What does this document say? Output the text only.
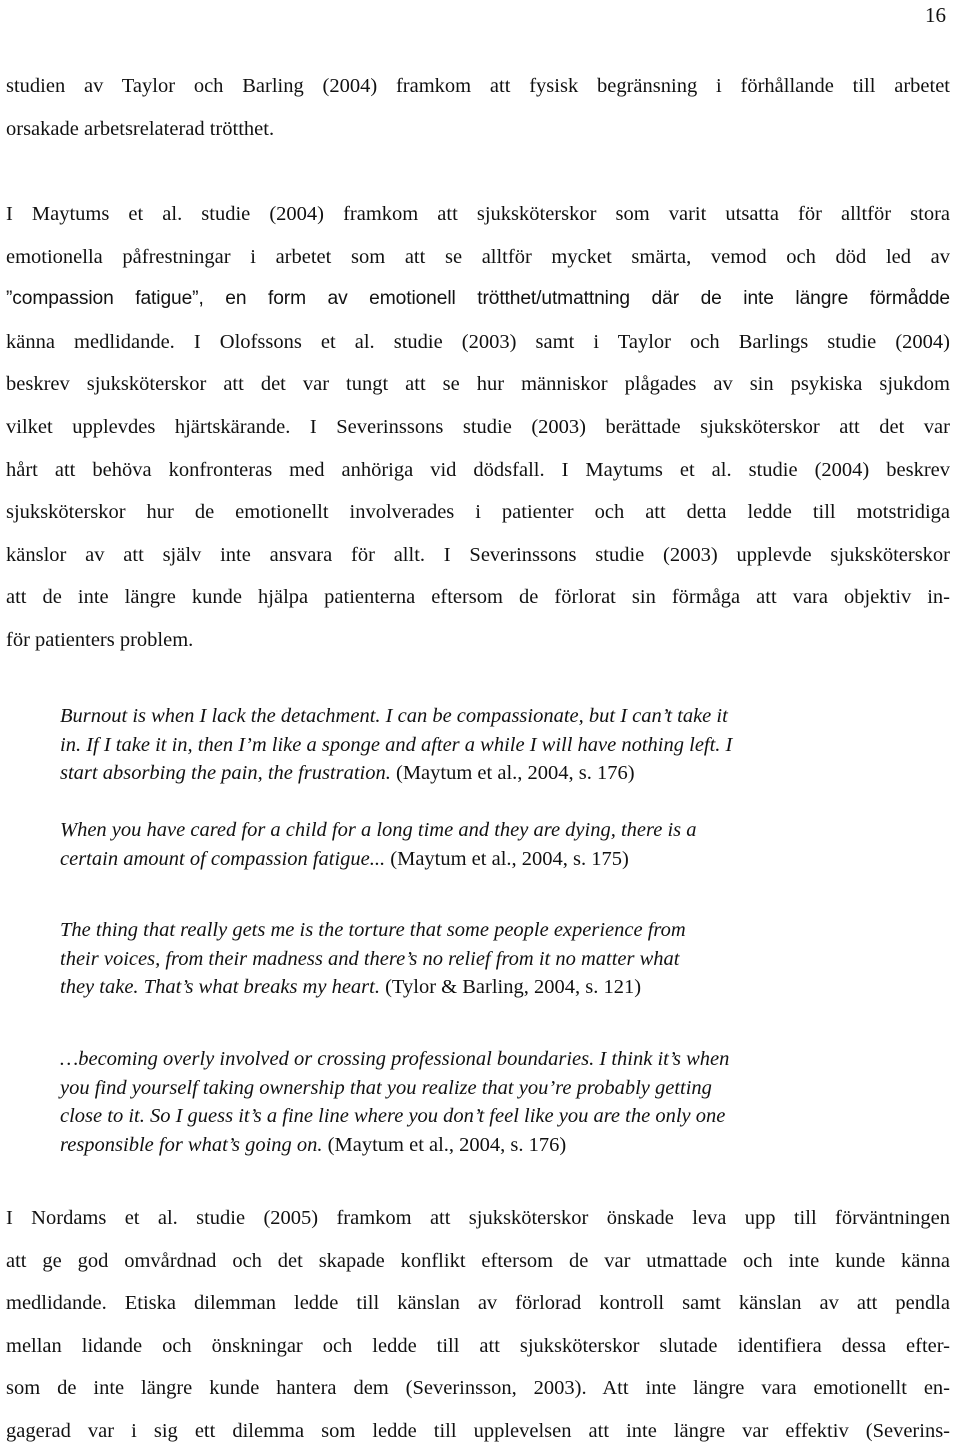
16
studien av Taylor och Barling (2004) framkom att fysisk begränsning i förhållande till arbetet
orsakade arbetsrelaterad trötthet.
I Maytums et al. studie (2004) framkom att sjuksköterskor som varit utsatta för alltför stora
emotionella påfrestningar i arbetet som att se alltför mycket smärta, vemod och död led av
”compassion fatigue”, en form av emotionell trötthet/utmattning där de inte längre förmådde
känna medlidande. I Olofssons et al. studie (2003) samt i Taylor och Barlings studie (2004)
beskrev sjuksköterskor att det var tungt att se hur människor plågades av sin psykiska sjukdom
vilket upplevdes hjärtskärande. I Severinssons studie (2003) berättade sjuksköterskor att det var
hårt att behöva konfronteras med anhöriga vid dödsfall. I Maytums et al. studie (2004) beskrev
sjuksköterskor hur de emotionellt involverades i patienter och att detta ledde till motstridiga
känslor av att själv inte ansvara för allt. I Severinssons studie (2003) upplevde sjuksköterskor
att de inte längre kunde hjälpa patienterna eftersom de förlorat sin förmåga att vara objektiv in-
för patienters problem.
Burnout is when I lack the detachment. I can be compassionate, but I can’t take it
in. If I take it in, then I’m like a sponge and after a while I will have nothing left. I
start absorbing the pain, the frustration. (Maytum et al., 2004, s. 176)
When you have cared for a child for a long time and they are dying, there is a
certain amount of compassion fatigue... (Maytum et al., 2004, s. 175)
The thing that really gets me is the torture that some people experience from
their voices, from their madness and there’s no relief from it no matter what
they take. That’s what breaks my heart. (Tylor & Barling, 2004, s. 121)
…becoming overly involved or crossing professional boundaries. I think it’s when
you find yourself taking ownership that you realize that you’re probably getting
close to it. So I guess it’s a fine line where you don’t feel like you are the only one
responsible for what’s going on. (Maytum et al., 2004, s. 176)
I Nordams et al. studie (2005) framkom att sjuksköterskor önskade leva upp till förväntningen
att ge god omvårdnad och det skapade konflikt eftersom de var utmattade och inte kunde känna
medlidande. Etiska dilemman ledde till känslan av förlorad kontroll samt känslan av att pendla
mellan lidande och önskningar och ledde till att sjuksköterskor slutade identifiera dessa efter-
som de inte längre kunde hantera dem (Severinsson, 2003). Att inte längre vara emotionellt en-
gagerad var i sig ett dilemma som ledde till upplevelsen att inte längre var effektiv (Severins-
